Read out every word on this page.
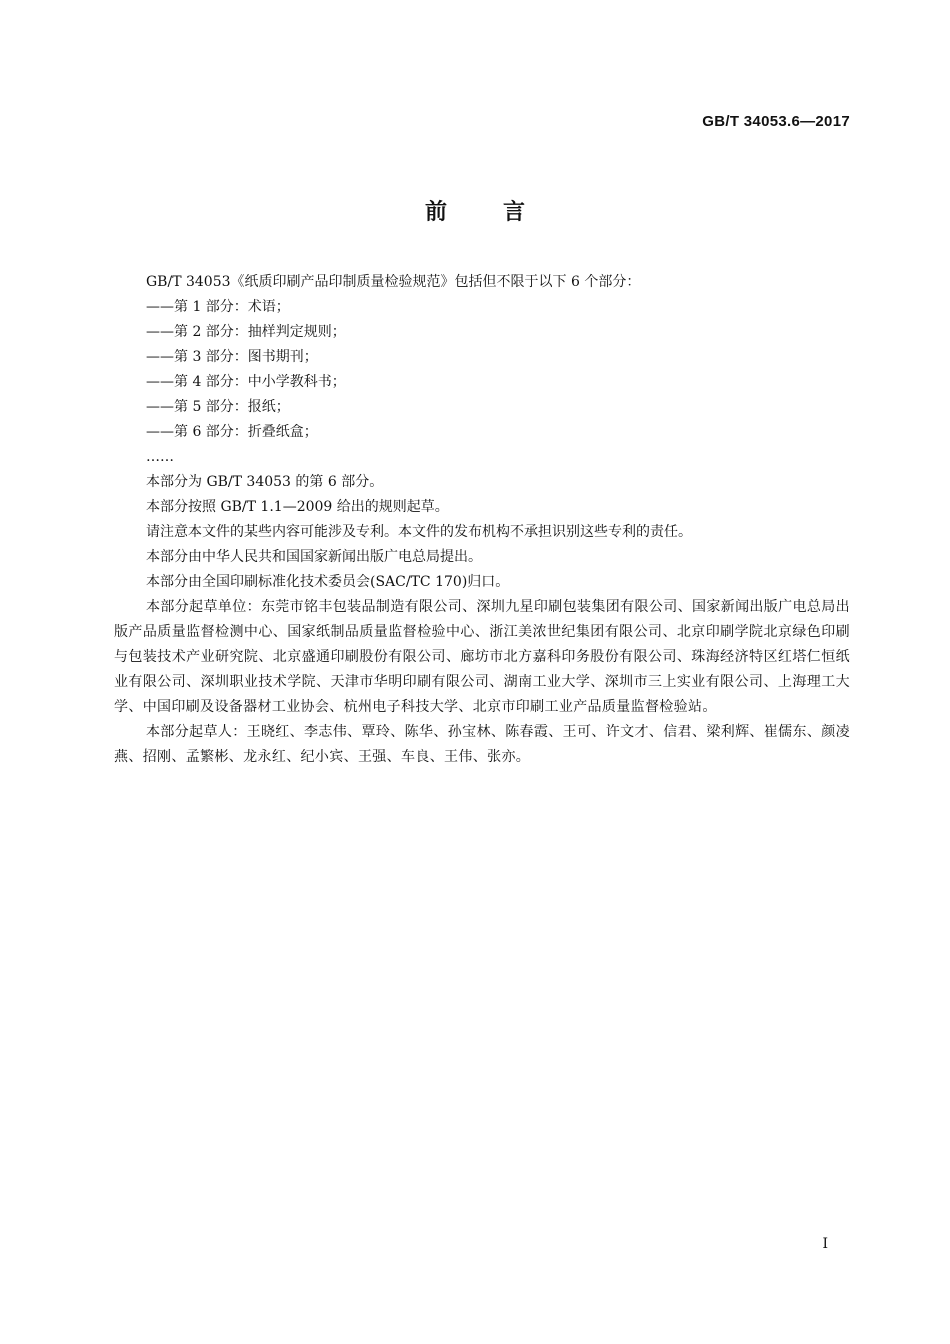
GB/T 34053.6—2017
前言
GB/T 34053《纸质印刷产品印制质量检验规范》包括但不限于以下 6 个部分：
——第 1 部分：术语；
——第 2 部分：抽样判定规则；
——第 3 部分：图书期刊；
——第 4 部分：中小学教科书；
——第 5 部分：报纸；
——第 6 部分：折叠纸盒；
……
本部分为 GB/T 34053 的第 6 部分。
本部分按照 GB/T 1.1—2009 给出的规则起草。
请注意本文件的某些内容可能涉及专利。本文件的发布机构不承担识别这些专利的责任。
本部分由中华人民共和国国家新闻出版广电总局提出。
本部分由全国印刷标准化技术委员会(SAC/TC 170)归口。
本部分起草单位：东莞市铭丰包装品制造有限公司、深圳九星印刷包装集团有限公司、国家新闻出版广电总局出版产品质量监督检测中心、国家纸制品质量监督检验中心、浙江美浓世纪集团有限公司、北京印刷学院北京绿色印刷与包装技术产业研究院、北京盛通印刷股份有限公司、廊坊市北方嘉科印务股份有限公司、珠海经济特区红塔仁恒纸业有限公司、深圳职业技术学院、天津市华明印刷有限公司、湖南工业大学、深圳市三上实业有限公司、上海理工大学、中国印刷及设备器材工业协会、杭州电子科技大学、北京市印刷工业产品质量监督检验站。
本部分起草人：王晓红、李志伟、覃玲、陈华、孙宝林、陈春霞、王可、许文才、信君、梁利辉、崔儒东、颜凌燕、招刚、孟繁彬、龙永红、纪小宾、王强、车良、王伟、张亦。
I
